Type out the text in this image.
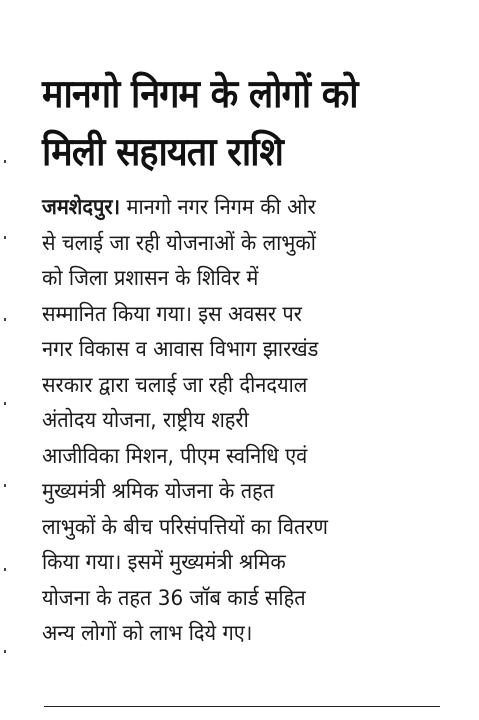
मानगो निगम के लोगों को
मिली सहायता राशि
जमशेदपुर। मानगो नगर निगम की ओर
से चलाई जा रही योजनाओं के लाभुकों
को जिला प्रशासन के शिविर में
सम्मानित किया गया। इस अवसर पर
नगर विकास व आवास विभाग झारखंड
सरकार द्वारा चलाई जा रही दीनदयाल
अंतोदय योजना, राष्ट्रीय शहरी
आजीविका मिशन, पीएम स्वनिधि एवं
मुख्यमंत्री श्रमिक योजना के तहत
लाभुकों के बीच परिसंपत्तियों का वितरण
किया गया। इसमें मुख्यमंत्री श्रमिक
योजना के तहत 36 जॉब कार्ड सहित
अन्य लोगों को लाभ दिये गए।
